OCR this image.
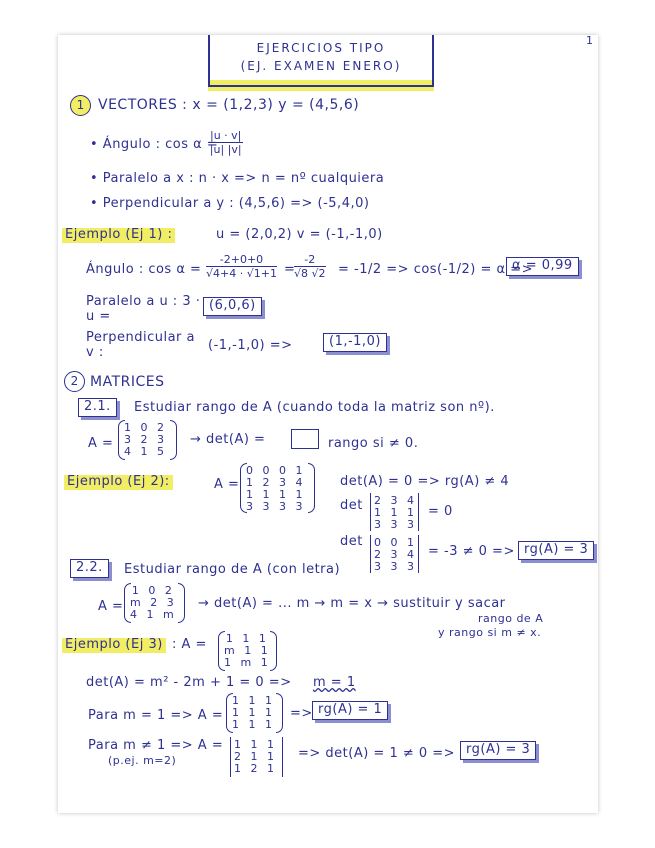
EJERCICIOS TIPO
(EJ. EXAMEN ENERO)
1
1 VECTORES : x = (1,2,3) y = (4,5,6)
• Ángulo : cos α =
$\frac{|u \cdot v|}{|u| |v|}$
• Paralelo a x : n · x => n = nº cualquiera
• Perpendicular a y : (4,5,6) => (-5,4,0)
Ejemplo (Ej 1) :	u = (2,0,2) v = (-1,-1,0)
Ángulo : $\cos \alpha = \frac{-2+0+0}{√4+4 \cdot √1+1}$ =
$\frac{-2}{√8 √2} = -1/2 => \cos(-1/2) = \alpha$ =>
α = 0,99
Paralelo a u : 3 · u =
(6,0,6)
Perpendicular a v :	(-1,-1,0) =>	(1,-1,0)
2 MATRICES
2.1.	Estudiar rango de A (cuando toda la matriz son nº).
A =
1 0 2
3 2 3
4 1 5
→ det(A) =	rango si ≠ 0.
Ejemplo (Ej 2):	A =
0 0 0 1
1 2 3 4
1 1 1 1
3 3 3 3
det(A) = 0 => rg(A) ≠ 4
det 2 3 4
1 1 1
3 3 3
= 0
det 0 0 1
2 3 4
3 3 3
= -3 ≠ 0 => rg(A) = 3
2.2.	Estudiar rango de A (con letra)
A =
1 0 2
m 2 3
4 1 m
→ det(A) = ... m → m = x → sustituir y sacar
rango de A
y rango si m ≠ x.
Ejemplo (Ej 3) : A = 1 1 1
m 1 1
1 m 1
det(A) = m² - 2m + 1 = 0 => m = 1
Para m = 1 => A =
1 1 1
1 1 1
1 1 1
=> rg(A) = 1
Para m ≠ 1 => A =
(p.ej. m=2)
1 1 1
2 1 1
1 2 1
=> det(A) = 1 ≠ 0 => rg(A) = 3
